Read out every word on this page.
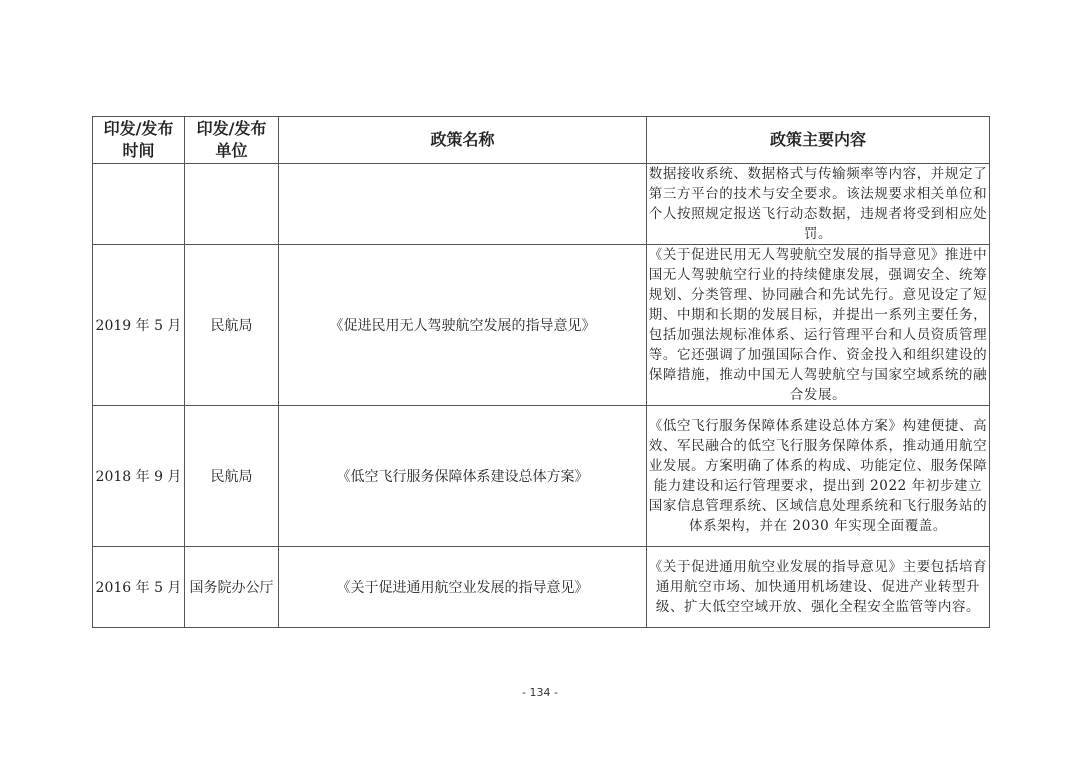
印发/发布时间	印发/发布单位	政策名称	政策主要内容
			数据接收系统、数据格式与传输频率等内容，并规定了第三方平台的技术与安全要求。该法规要求相关单位和个人按照规定报送飞行动态数据，违规者将受到相应处罚。
2019 年 5 月	民航局	《促进民用无人驾驶航空发展的指导意见》	《关于促进民用无人驾驶航空发展的指导意见》推进中国无人驾驶航空行业的持续健康发展，强调安全、统筹规划、分类管理、协同融合和先试先行。意见设定了短期、中期和长期的发展目标，并提出一系列主要任务，包括加强法规标准体系、运行管理平台和人员资质管理等。它还强调了加强国际合作、资金投入和组织建设的保障措施，推动中国无人驾驶航空与国家空域系统的融合发展。
2018 年 9 月	民航局	《低空飞行服务保障体系建设总体方案》	《低空飞行服务保障体系建设总体方案》构建便捷、高效、军民融合的低空飞行服务保障体系，推动通用航空业发展。方案明确了体系的构成、功能定位、服务保障能力建设和运行管理要求，提出到 2022 年初步建立国家信息管理系统、区域信息处理系统和飞行服务站的体系架构，并在 2030 年实现全面覆盖。
2016 年 5 月	国务院办公厅	《关于促进通用航空业发展的指导意见》	《关于促进通用航空业发展的指导意见》主要包括培育通用航空市场、加快通用机场建设、促进产业转型升级、扩大低空空域开放、强化全程安全监管等内容。
- 134 -
